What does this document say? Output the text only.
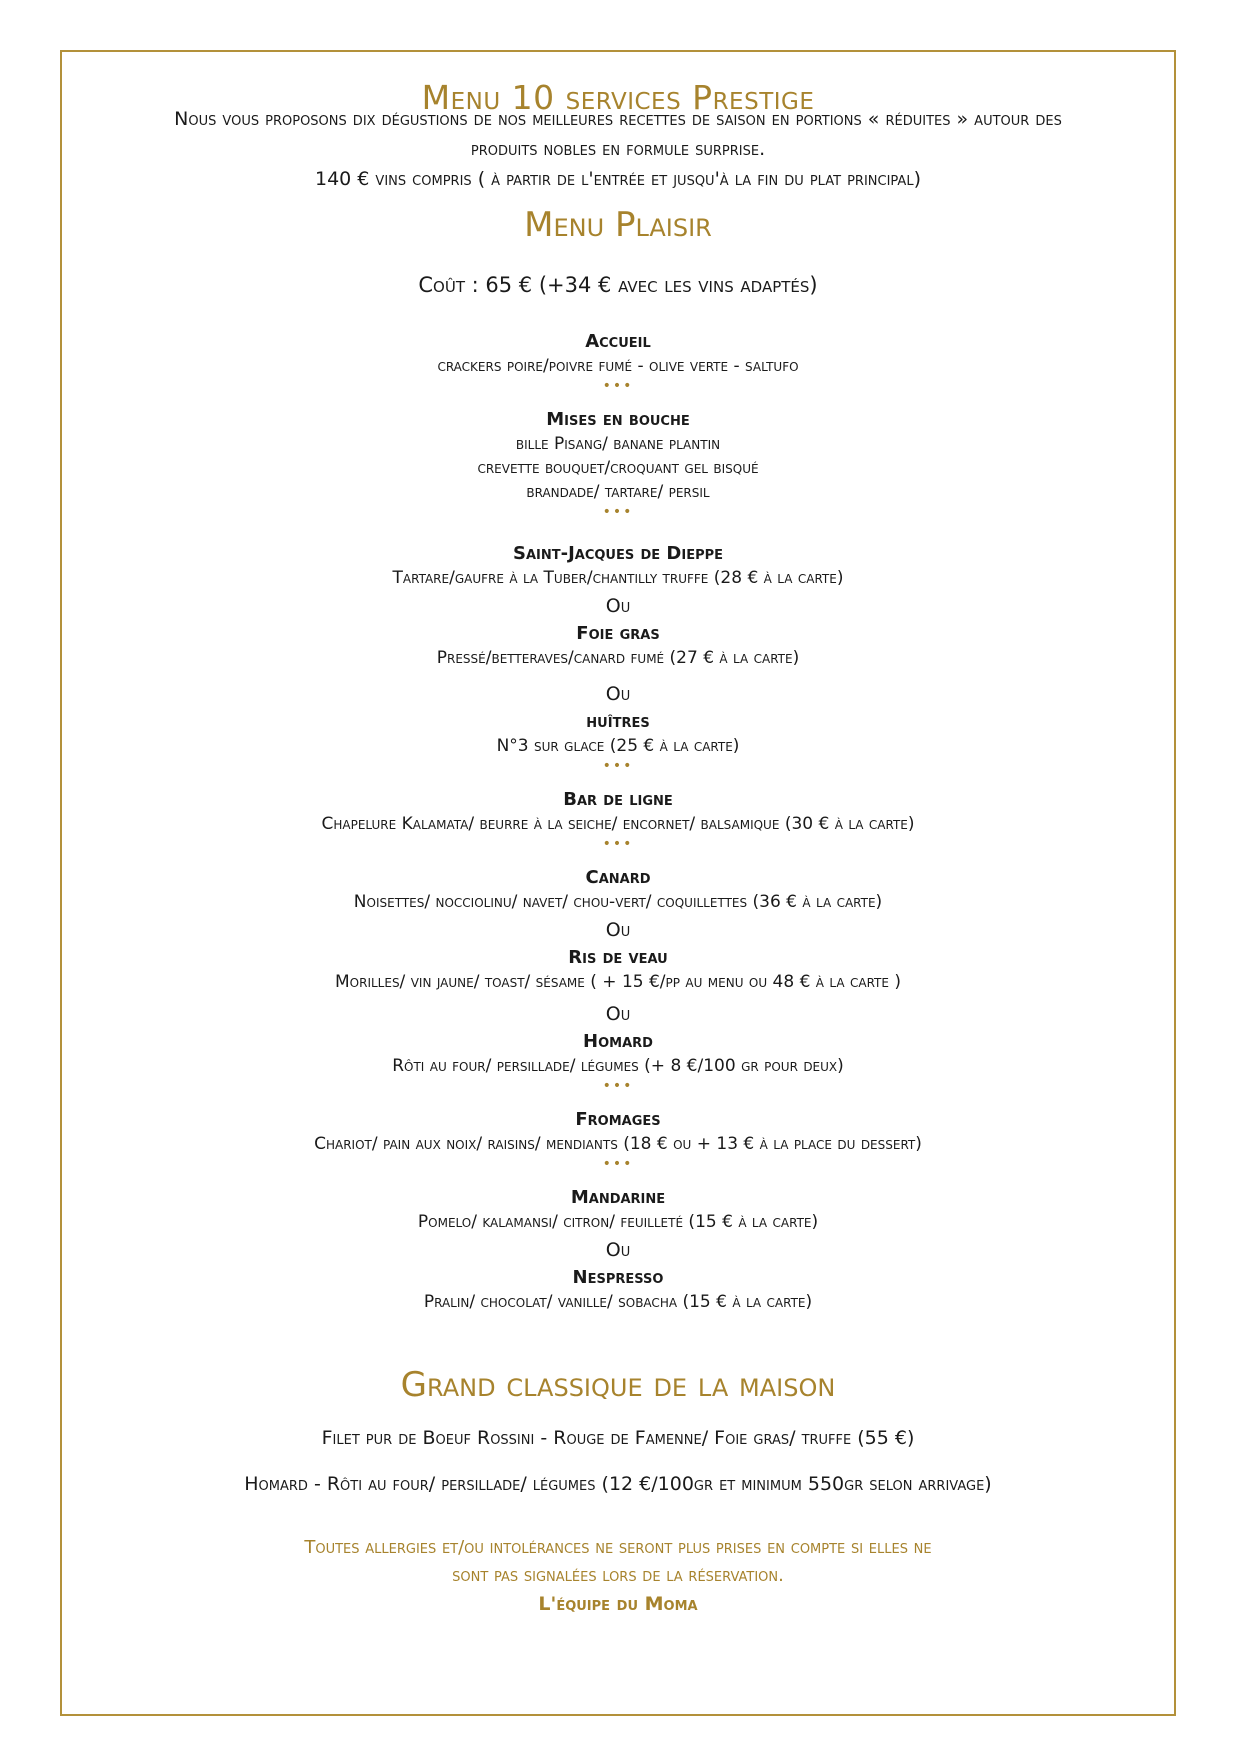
Menu 10 services Prestige

Nous vous proposons dix dégustions de nos meilleures recettes de saison en portions « réduites » autour des

produits nobles en formule surprise.

140 € vins compris ( à partir de l'entrée et jusqu'à la fin du plat principal)

Menu Plaisir
Coût : 65 € (+34 € avec les vins adaptés)
Accueil
crackers poire/poivre fumé - olive verte - saltufo
•••
Mises en bouche
bille Pisang/ banane plantin
crevette bouquet/croquant gel bisqué
brandade/ tartare/ persil
•••
Saint-Jacques de Dieppe
Tartare/gaufre à la Tuber/chantilly truffe (28 € à la carte)
Ou
Foie gras
Pressé/betteraves/canard fumé (27 € à la carte)
Ou
huîtres
N°3 sur glace (25 € à la carte)
•••
Bar de ligne
Chapelure Kalamata/ beurre à la seiche/ encornet/ balsamique (30 € à la carte)
•••
Canard
Noisettes/ nocciolinu/ navet/ chou-vert/ coquillettes (36 € à la carte)
Ou
Ris de veau
Morilles/ vin jaune/ toast/ sésame ( + 15 €/pp au menu ou 48 € à la carte )
Ou
Homard
Rôti au four/ persillade/ légumes (+ 8 €/100 gr pour deux)
•••
Fromages
Chariot/ pain aux noix/ raisins/ mendiants (18 € ou + 13 € à la place du dessert)
•••
Mandarine
Pomelo/ kalamansi/ citron/ feuilleté (15 € à la carte)
Ou
Nespresso
Pralin/ chocolat/ vanille/ sobacha (15 € à la carte)
Grand classique de la maison

Filet pur de Boeuf Rossini - Rouge de Famenne/ Foie gras/ truffe (55 €)

Homard - Rôti au four/ persillade/ légumes (12 €/100gr et minimum 550gr selon arrivage)

Toutes allergies et/ou intolérances ne seront plus prises en compte si elles ne
sont pas signalées lors de la réservation.
L'équipe du Moma
